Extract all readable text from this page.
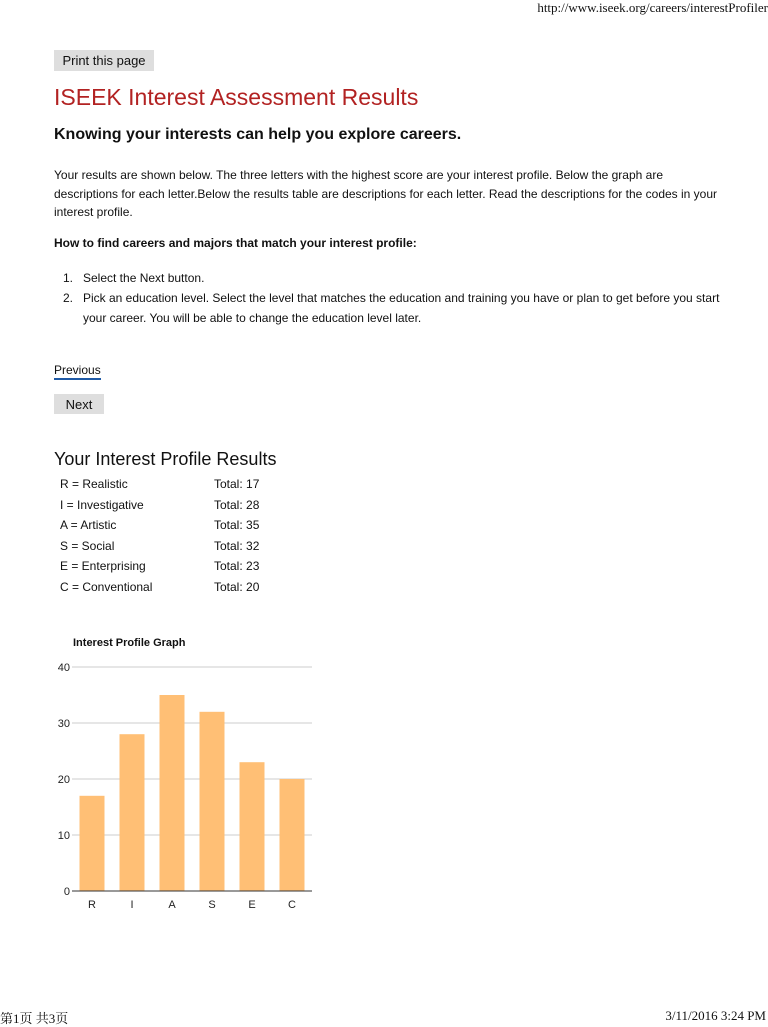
http://www.iseek.org/careers/interestProfiler
Print this page
ISEEK Interest Assessment Results
Knowing your interests can help you explore careers.

Your results are shown below. The three letters with the highest score are your interest profile. Below the graph are descriptions for each letter.Below the results table are descriptions for each letter. Read the descriptions for the codes in your interest profile.

How to find careers and majors that match your interest profile:

1. Select the Next button.
2. Pick an education level. Select the level that matches the education and training you have or plan to get before you start your career. You will be able to change the education level later.
Previous
Next
Your Interest Profile Results
R = Realistic	Total: 17
I = Investigative	Total: 28
A = Artistic	Total: 35
S = Social	Total: 32
E = Enterprising	Total: 23
C = Conventional	Total: 20

Interest Profile Graph

0
10
20
30
40
R	I	A	S	E	C
第1页 共3页	3/11/2016 3:24 PM
